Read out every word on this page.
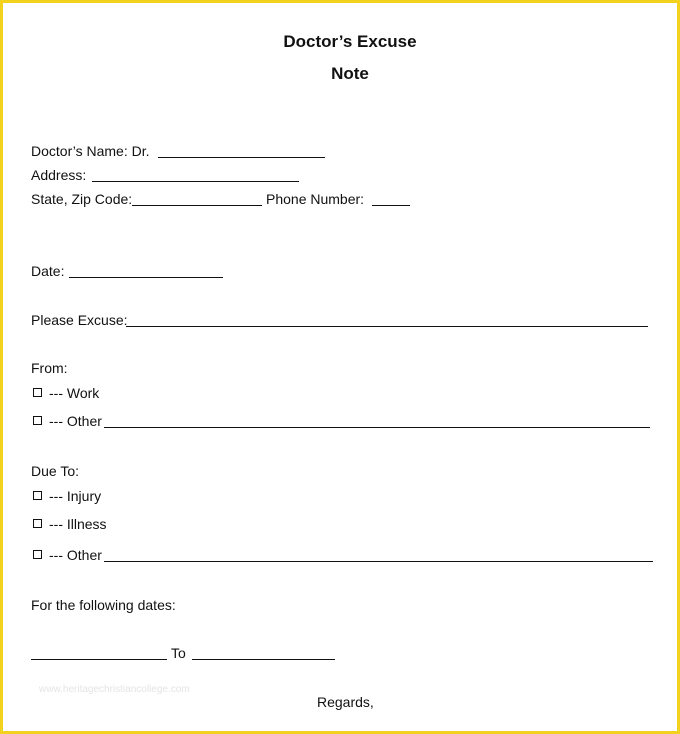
Doctor’s Excuse
Note
Doctor’s Name: Dr.
Address:
State, Zip Code:	Phone Number:
Date:
Please Excuse:
From:
--- Work
--- Other
Due To:
--- Injury
--- Illness
--- Other
For the following dates:
To
www.heritagechristiancollege.com
Regards,
